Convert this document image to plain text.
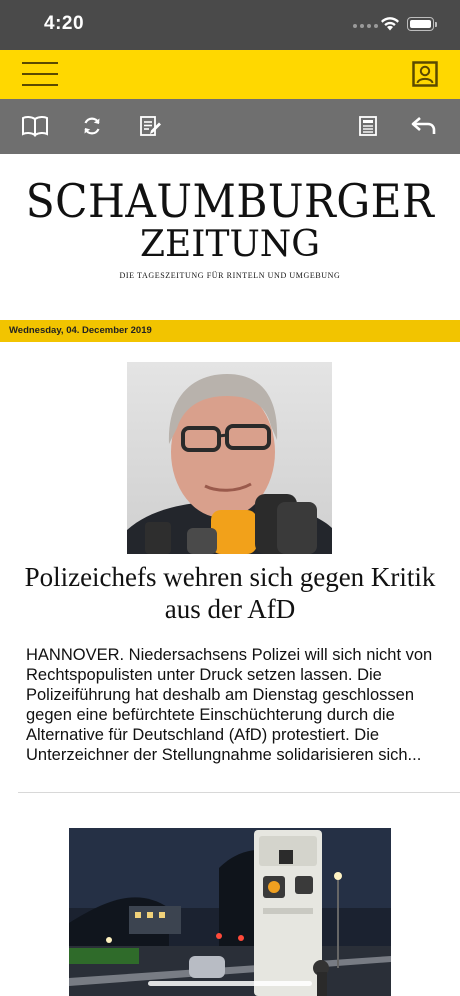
4:20
SCHAUMBURGER
ZEITUNG
DIE TAGESZEITUNG FÜR RINTELN UND UMGEBUNG
Wednesday, 04. December 2019
Polizeichefs wehren sich gegen Kritik aus der AfD
HANNOVER. Niedersachsens Polizei will sich nicht von Rechtspopulisten unter Druck setzen lassen. Die Polizeiführung hat deshalb am Dienstag geschlossen gegen eine befürchtete Einschüchterung durch die Alternative für Deutschland (AfD) protestiert. Die Unterzeichner der Stellungnahme solidarisieren sich...
